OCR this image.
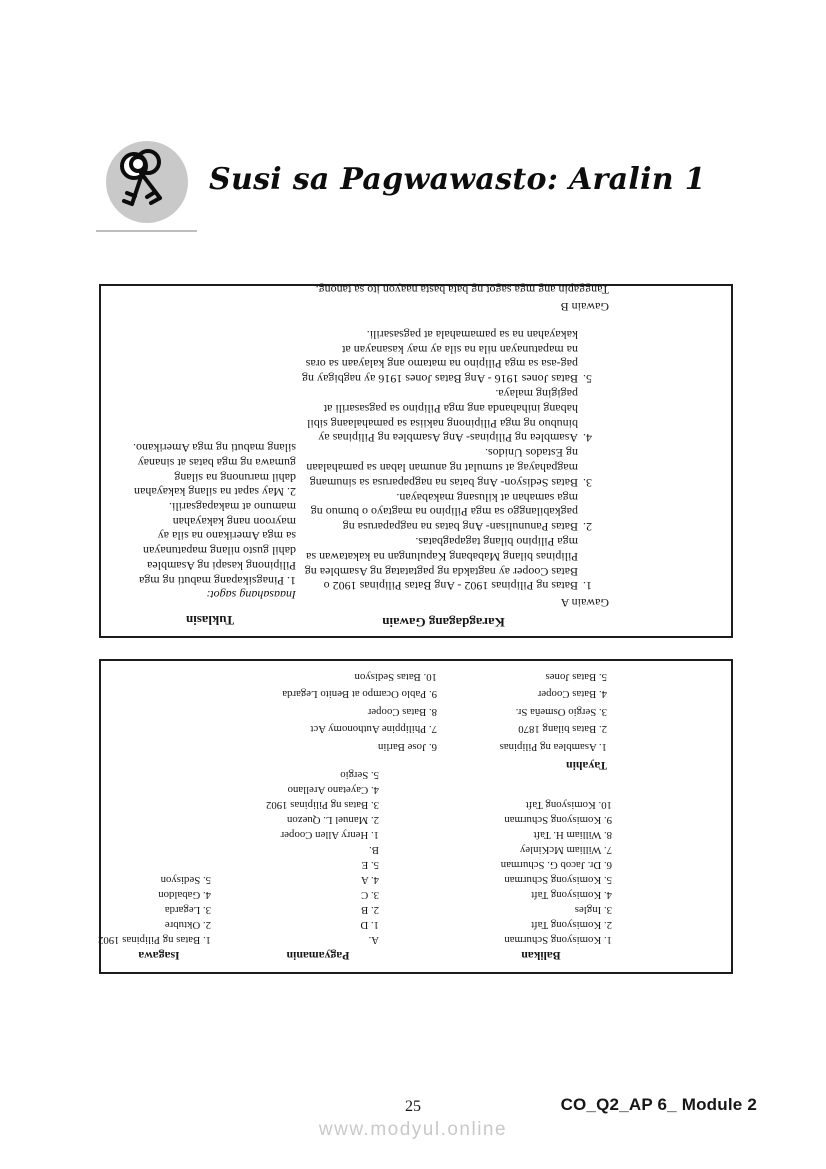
Susi sa Pagwawasto: Aralin 1
Karagdagang Gawain
Gawain A
1.
Batas ng Pilipinas 1902 - Ang Batas Pilipinas 1902 o Batas Cooper ay nagtakda ng pagtatatag ng Asamblea ng Pilipinas bilang Mababang Kapulungan na kakatawan sa mga Pilipino bilang tagapagbatas.
2.
Batas Panunulisan- Ang batas na nagpaparusa ng pagkabilanggo sa mga Pilipino na magtayo o bumuo ng mga samahan at kilusang makabayan.
3.
Batas Sedisyon- Ang batas na nagpaparusa sa sinumang magpahayag at sumulat ng anuman laban sa pamahalaan ng Estados Unidos.
4.
Asamblea ng Pilipinas- Ang Asamblea ng Pilipinas ay binubuo ng mga Pilipinong nakiisa sa pamahalaang sibil habang inihahanda ang mga Pilipino sa pagsasarili at pagiging malaya.
5.
Batas Jones 1916 - Ang Batas Jones 1916 ay nagbigay ng pag-asa sa mga Pilipino na matamo ang kalayaan sa oras na mapatunayan nila na sila ay may kasanayan at kakayahan na sa pamamahala at pagsasarili.
Gawain B
Tanggapin ang mga sagot ng bata basta naayon ito sa tanong.
Tuklasin

Inaasahang sagot:

1. Pinagsikapang mabuti ng mga Pilipinong kasapi ng Asamblea dahil gusto nilang mapatunayan sa mga Amerikano na sila ay mayroon nang kakayahan mamuno at makapagsarili.

2. May sapat na silang kakayahan dahil marunong na silang gumawa ng mga batas at sinanay silang mabuti ng mga Amerikano.

Balikan
1. Komisyong Schurman
2. Komisyong Taft
3. Ingles
4. Komisyong Taft
5. Komisyong Schurman
6. Dr. Jacob G. Schurman
7. William McKinley
8. William H. Taft
9. Komisyong Schurman
10. Komisyong Taft
Pagyamanin
A.
1. D
2. B
3. C
4. A
5. E
B.
1. Henry Allen Cooper
2. Manuel L. Quezon
3. Batas ng Pilipinas 1902
4. Cayetano Arellano
5. Sergio
Isagawa
1. Batas ng Pilipinas 1902
2. Oktubre
3. Legarda
4. Gabaldon
5. Sedisyon
Tayahin
1. Asamblea ng Pilipinas
2. Batas bilang 1870
3. Sergio Osmeña Sr.
4. Batas Cooper
5. Batas Jones
6. Jose Barlin
7. Philippine Authonomy Act
8. Batas Cooper
9. Pablo Ocampo at Benito Legarda
10. Batas Sedisyon
25	CO_Q2_AP 6_ Module 2
www.modyul.online
